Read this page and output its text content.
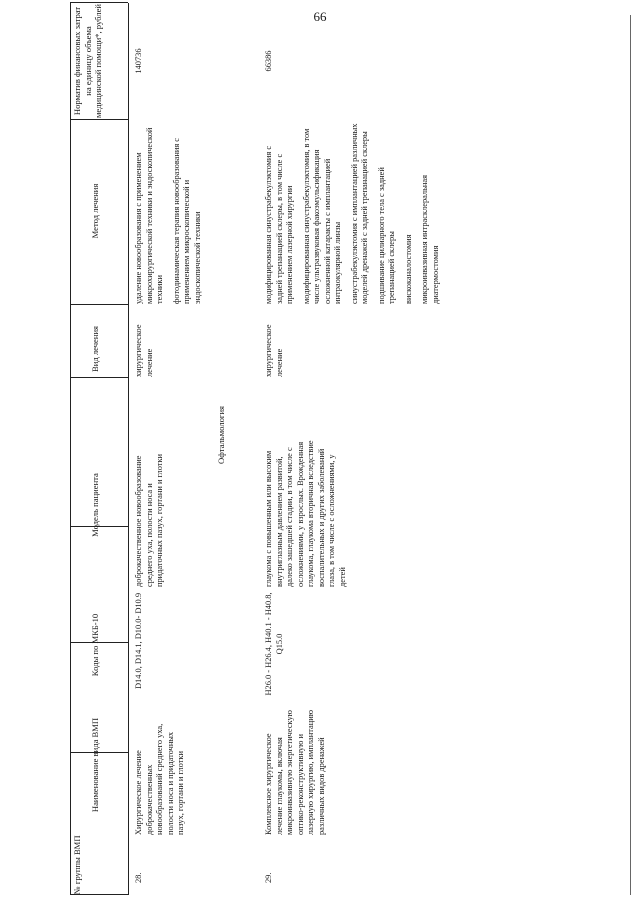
66
№ группы ВМП
Наименование вида ВМП
Коды по МКБ-10
Модель пациента
Вид лечения
Метод лечения
Норматив финансовых затрат на единицу объема медицинской помощи*, рублей
28.
Хирургическое лечение доброкачественных новообразований среднего уха, полости носа и придаточных пазух, гортани и глотки
D14.0, D14.1, D10.0- D10.9
доброкачественное новообразование среднего уха, полости носа и придаточных пазух, гортани и глотки
хирургическое лечение

удаление новообразования с применением микрохирургической техники и эндоскопической техники фотодинамическая терапия новообразования с применением микроскопической и эндоскопической техники

140736
Офтальмология
29.
Комплексное хирургическое лечение глаукомы, включая микроинвазивную энергетическую оптико-реконструктивную и лазерную хирургию, имплантацию различных видов дренажей
H26.0 - H26.4, H40.1 - H40.8, Q15.0
глаукома с повышенным или высоким внутриглазным давлением развитой, далеко зашедшей стадии, в том числе с осложнениями, у взрослых. Врожденная глаукома, глаукома вторичная вследствие воспалительных и других заболеваний глаза, в том числе с осложнениями, у детей
хирургическое лечение

модифицированная синустрабекулэктомия с задней трепанацией склеры, в том числе с применением лазерной хирургии модифицированная синустрабекулэктомия, в том числе ультразвуковая факоэмульсификация осложненной катаракты с имплантацией интраокулярной линзы синустрабекулэктомия с имплантацией различных моделей дренажей с задней трепанацией склеры подшивание цилиарного тела с задней трепанацией склеры вискоканалостомия микроинвазивная интрасклеральная диатермостомия

66386
